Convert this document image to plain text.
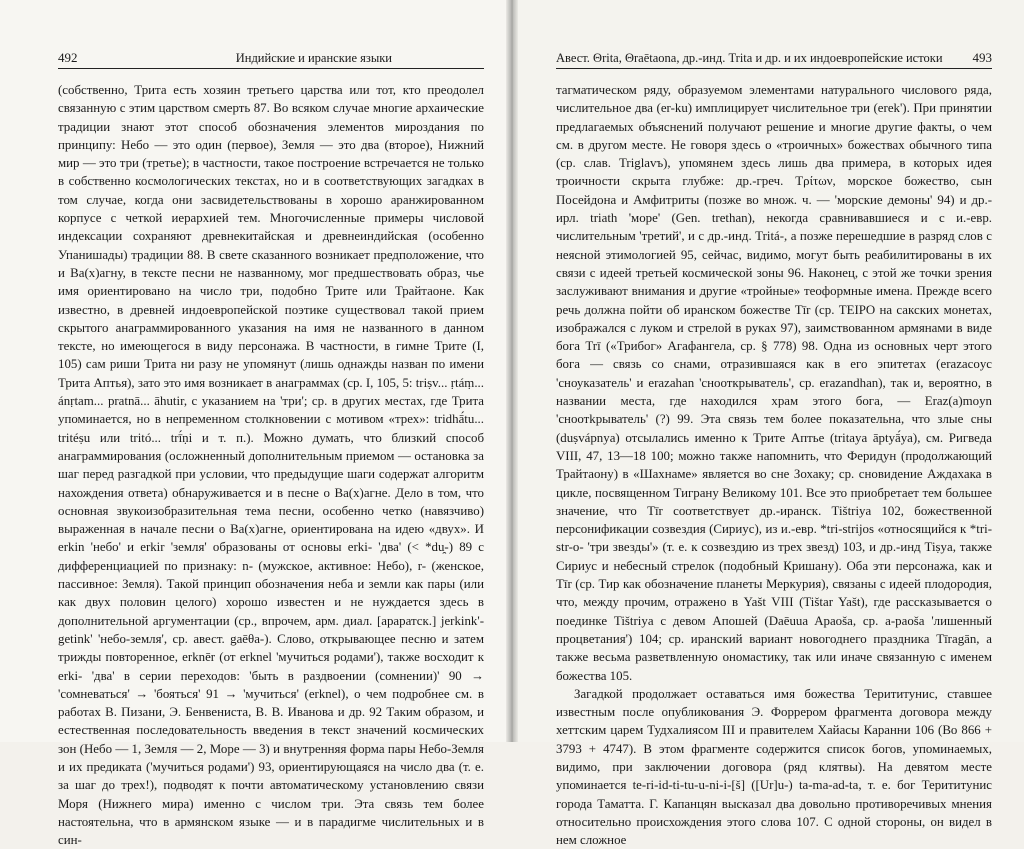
492	Индийские и иранские языки

(собственно, Трита есть хозяин третьего царства или тот, кто преодолел связанную с этим царством смерть 87. Во всяком случае многие архаические традиции знают этот способ обозначения элементов мироздания по принципу: Небо — это один (первое), Земля — это два (второе), Нижний мир — это три (третье); в частности, такое построение встречается не только в собственно космологических текстах, но и в соответствующих загадках в том случае, когда они засвидетельствованы в хорошо аранжированном корпусе с четкой иерархией тем. Многочисленные примеры числовой индексации сохраняют древнекитайская и древнеиндийская (особенно Упанишады) традиции 88. В свете сказанного возникает предположение, что и Ва(х)агну, в тексте песни не названному, мог предшествовать образ, чье имя ориентировано на число три, подобно Трите или Трайтаоне. Как известно, в древней индоевропейской поэтике существовал такой прием скрытого анаграммированного указания на имя не названного в данном тексте, но имеющегося в виду персонажа. В частности, в гимне Трите (I, 105) сам риши Трита ни разу не упомянут (лишь однажды назван по имени Трита Аптья), зато это имя возникает в анаграммах (ср. I, 105, 5: triṣv... ṛtáṃ... ánṛtam... pratnā... āhutir, с указанием на 'три'; ср. в других местах, где Трита упоминается, но в непременном столкновении с мотивом «трех»: tridhā́tu... tritéṣu или tritó... trī́ṇi и т. п.). Можно думать, что близкий способ анаграммирования (осложненный дополнительным приемом — остановка за шаг перед разгадкой при условии, что предыдущие шаги содержат алгоритм нахождения ответа) обнаруживается и в песне о Ва(х)агне. Дело в том, что основная звукоизобразительная тема песни, особенно четко (навязчиво) выраженная в начале песни о Ва(х)агне, ориентирована на идею «двух». И erkin 'небо' и erkir 'земля' образованы от основы erki- 'два' (< *du̯-) 89 с дифференциацией по признаку: n- (мужское, активное: Небо), r- (женское, пассивное: Земля). Такой принцип обозначения неба и земли как пары (или как двух половин целого) хорошо известен и не нуждается здесь в дополнительной аргументации (ср., впрочем, арм. диал. [араратск.] jerkink'-getink' 'небо-земля', ср. авест. gaēθa-). Слово, открывающее песню и затем трижды повторенное, erknēr (от erknel 'мучиться родами'), также восходит к erki- 'два' в серии переходов: 'быть в раздвоении (сомнении)' 90 → 'сомневаться' → 'бояться' 91 → 'мучиться' (erknel), о чем подробнее см. в работах В. Пизани, Э. Бенвениста, В. В. Иванова и др. 92 Таким образом, и естественная последовательность введения в текст значений космических зон (Небо — 1, Земля — 2, Море — 3) и внутренняя форма пары Небо-Земля и их предиката ('мучиться родами') 93, ориентирующаяся на число два (т. е. за шаг до трех!), подводят к почти автоматическому установлению связи Моря (Нижнего мира) именно с числом три. Эта связь тем более настоятельна, что в армянском языке — и в парадигме числительных и в син-

Авест. Θrita, Θraētaona, др.-инд. Trita и др. и их индоевропейские истоки 493

тагматическом ряду, образуемом элементами натурального числового ряда, числительное два (er-ku) имплицирует числительное три (erek'). При принятии предлагаемых объяснений получают решение и многие другие факты, о чем см. в другом месте. Не говоря здесь о «троичных» божествах обычного типа (ср. слав. Triglavъ), упомянем здесь лишь два примера, в которых идея троичности скрыта глубже: др.-греч. Τρίτων, морское божество, сын Посейдона и Амфитриты (позже во множ. ч. — 'морские демоны' 94) и др.-ирл. triath 'море' (Gen. trethan), некогда сравнивавшиеся и с и.-евр. числительным 'третий', и с др.-инд. Tritá-, а позже перешедшие в разряд слов с неясной этимологией 95, сейчас, видимо, могут быть реабилитированы в их связи с идеей третьей космической зоны 96. Наконец, с этой же точки зрения заслуживают внимания и другие «тройные» теоформные имена. Прежде всего речь должна пойти об иранском божестве Tīr (ср. ΤΕΙΡΟ на сакских монетах, изображался с луком и стрелой в руках 97), заимствованном армянами в виде бога Trī («Трибог» Агафангела, ср. § 778) 98. Одна из основных черт этого бога — связь со снами, отразившаяся как в его эпитетах (erazacoyc 'сноуказатель' и erazahan 'снооткрыватель', ср. erazandhan), так и, вероятно, в названии места, где находился храм этого бога, — Eraz(a)moyn 'сноотkрыватель' (?) 99. Эта связь тем более показательна, что злые сны (duṣvápnya) отсылались именно к Трите Аптье (tritaya āptyā́ya), см. Ригведа VIII, 47, 13—18 100; можно также напомнить, что Феридун (продолжающий Трайтаону) в «Шахнаме» является во сне Зохаку; ср. сновидение Аждахака в цикле, посвященном Тиграну Великому 101. Все это приобретает тем большее значение, что Tīr соответствует др.-иранск. Tištriya 102, божественной персонификации созвездия (Сириус), из и.-евр. *tri-strijos «относящийся к *tri-str-o- 'три звезды'» (т. е. к созвездию из трех звезд) 103, и др.-инд Tiṣya, также Сириус и небесный стрелок (подобный Кришану). Оба эти персонажа, как и Tīr (ср. Тир как обозначение планеты Меркурия), связаны с идеей плодородия, что, между прочим, отражено в Yašt VIII (Tištar Yašt), где рассказывается о поединке Tištriya с девом Апошей (Daēuua Apaoša, ср. a-paoša 'лишенный процветания') 104; ср. иранский вариант новогоднего праздника Tīragān, а также весьма разветвленную ономастику, так или иначе связанную с именем божества 105.

Загадкой продолжает оставаться имя божества Терититунис, ставшее известным после опубликования Э. Форрером фрагмента договора между хеттским царем Тудхалиясом III и правителем Хайасы Каранни 106 (Во 866 + 3793 + 4747). В этом фрагменте содержится список богов, упоминаемых, видимо, при заключении договора (ряд клятвы). На девятом месте упоминается te-ri-id-ti-tu-u-ni-i-[š] ([Ur]u-) ta-ma-ad-ta, т. е. бог Терититунис города Таматта. Г. Капанцян высказал два довольно противоречивых мнения относительно происхождения этого слова 107. С одной стороны, он видел в нем сложное
